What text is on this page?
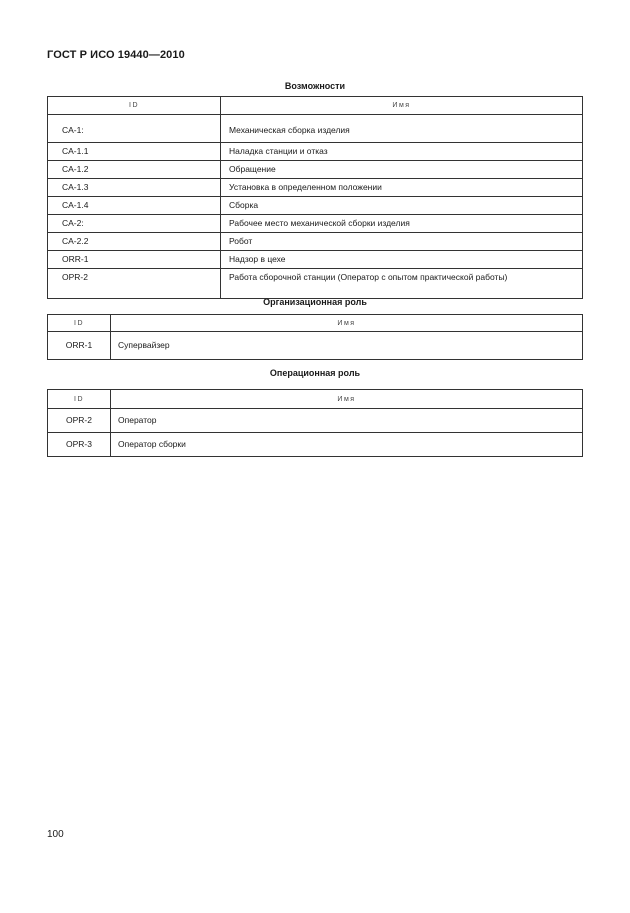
ГОСТ Р ИСО 19440—2010
Возможности
ID	Имя
CA-1:	Механическая сборка изделия
CA-1.1	Наладка станции и отказ
CA-1.2	Обращение
CA-1.3	Установка в определенном положении
CA-1.4	Сборка
CA-2:	Рабочее место механической сборки изделия
CA-2.2	Робот
ORR-1	Надзор в цехе
OPR-2	Работа сборочной станции (Оператор с опытом практической работы)
Организационная роль
ID	Имя
ORR-1	Супервайзер
Операционная роль
ID	Имя
OPR-2	Оператор
OPR-3	Оператор сборки
100
